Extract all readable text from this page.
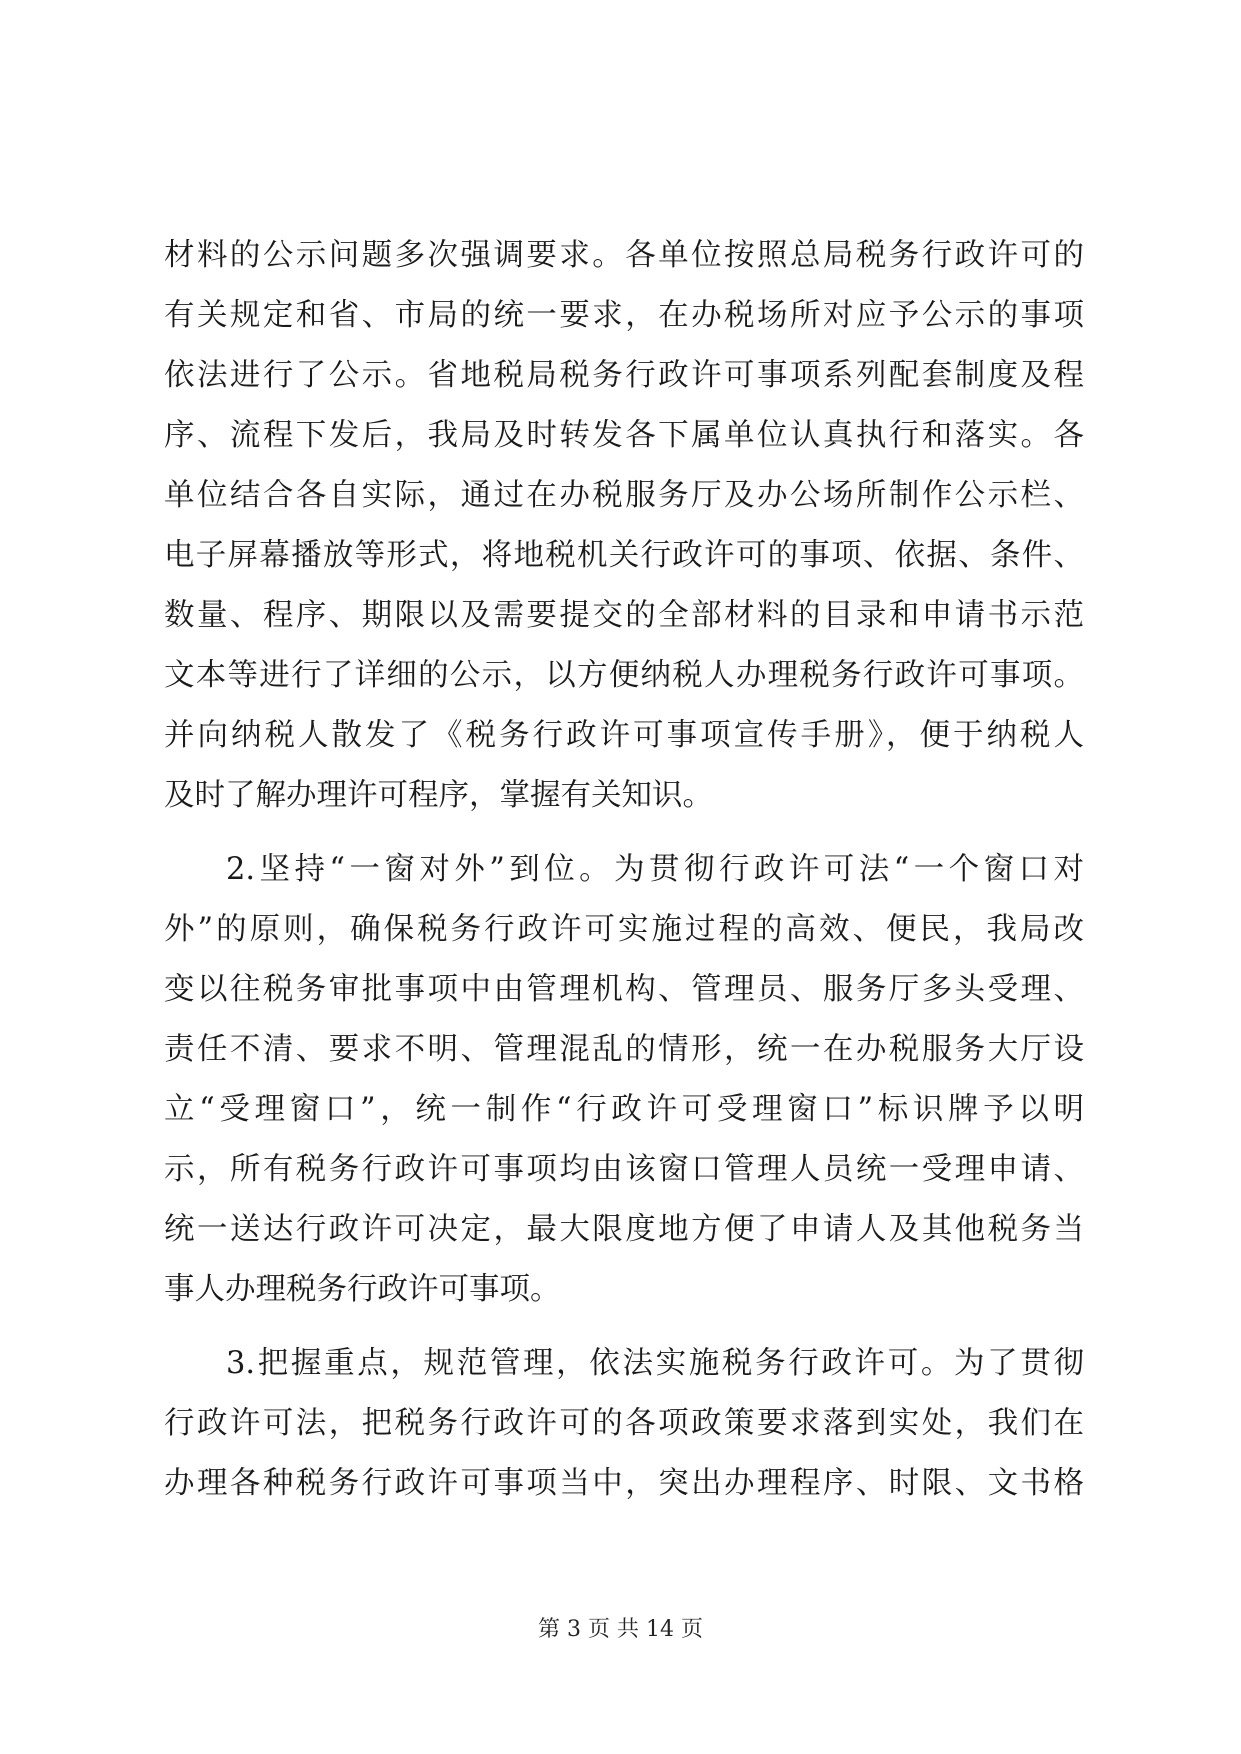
材料的公示问题多次强调要求。各单位按照总局税务行政许可的
有关规定和省、市局的统一要求，在办税场所对应予公示的事项
依法进行了公示。省地税局税务行政许可事项系列配套制度及程
序、流程下发后，我局及时转发各下属单位认真执行和落实。各
单位结合各自实际，通过在办税服务厅及办公场所制作公示栏、
电子屏幕播放等形式，将地税机关行政许可的事项、依据、条件、
数量、程序、期限以及需要提交的全部材料的目录和申请书示范
文本等进行了详细的公示，以方便纳税人办理税务行政许可事项。
并向纳税人散发了《税务行政许可事项宣传手册》，便于纳税人
及时了解办理许可程序，掌握有关知识。
2.坚持“一窗对外”到位。为贯彻行政许可法“一个窗口对
外”的原则，确保税务行政许可实施过程的高效、便民，我局改
变以往税务审批事项中由管理机构、管理员、服务厅多头受理、
责任不清、要求不明、管理混乱的情形，统一在办税服务大厅设
立“受理窗口”，统一制作“行政许可受理窗口”标识牌予以明
示，所有税务行政许可事项均由该窗口管理人员统一受理申请、
统一送达行政许可决定，最大限度地方便了申请人及其他税务当
事人办理税务行政许可事项。
3.把握重点，规范管理，依法实施税务行政许可。为了贯彻
行政许可法，把税务行政许可的各项政策要求落到实处，我们在
办理各种税务行政许可事项当中，突出办理程序、时限、文书格
第 3 页 共 14 页
